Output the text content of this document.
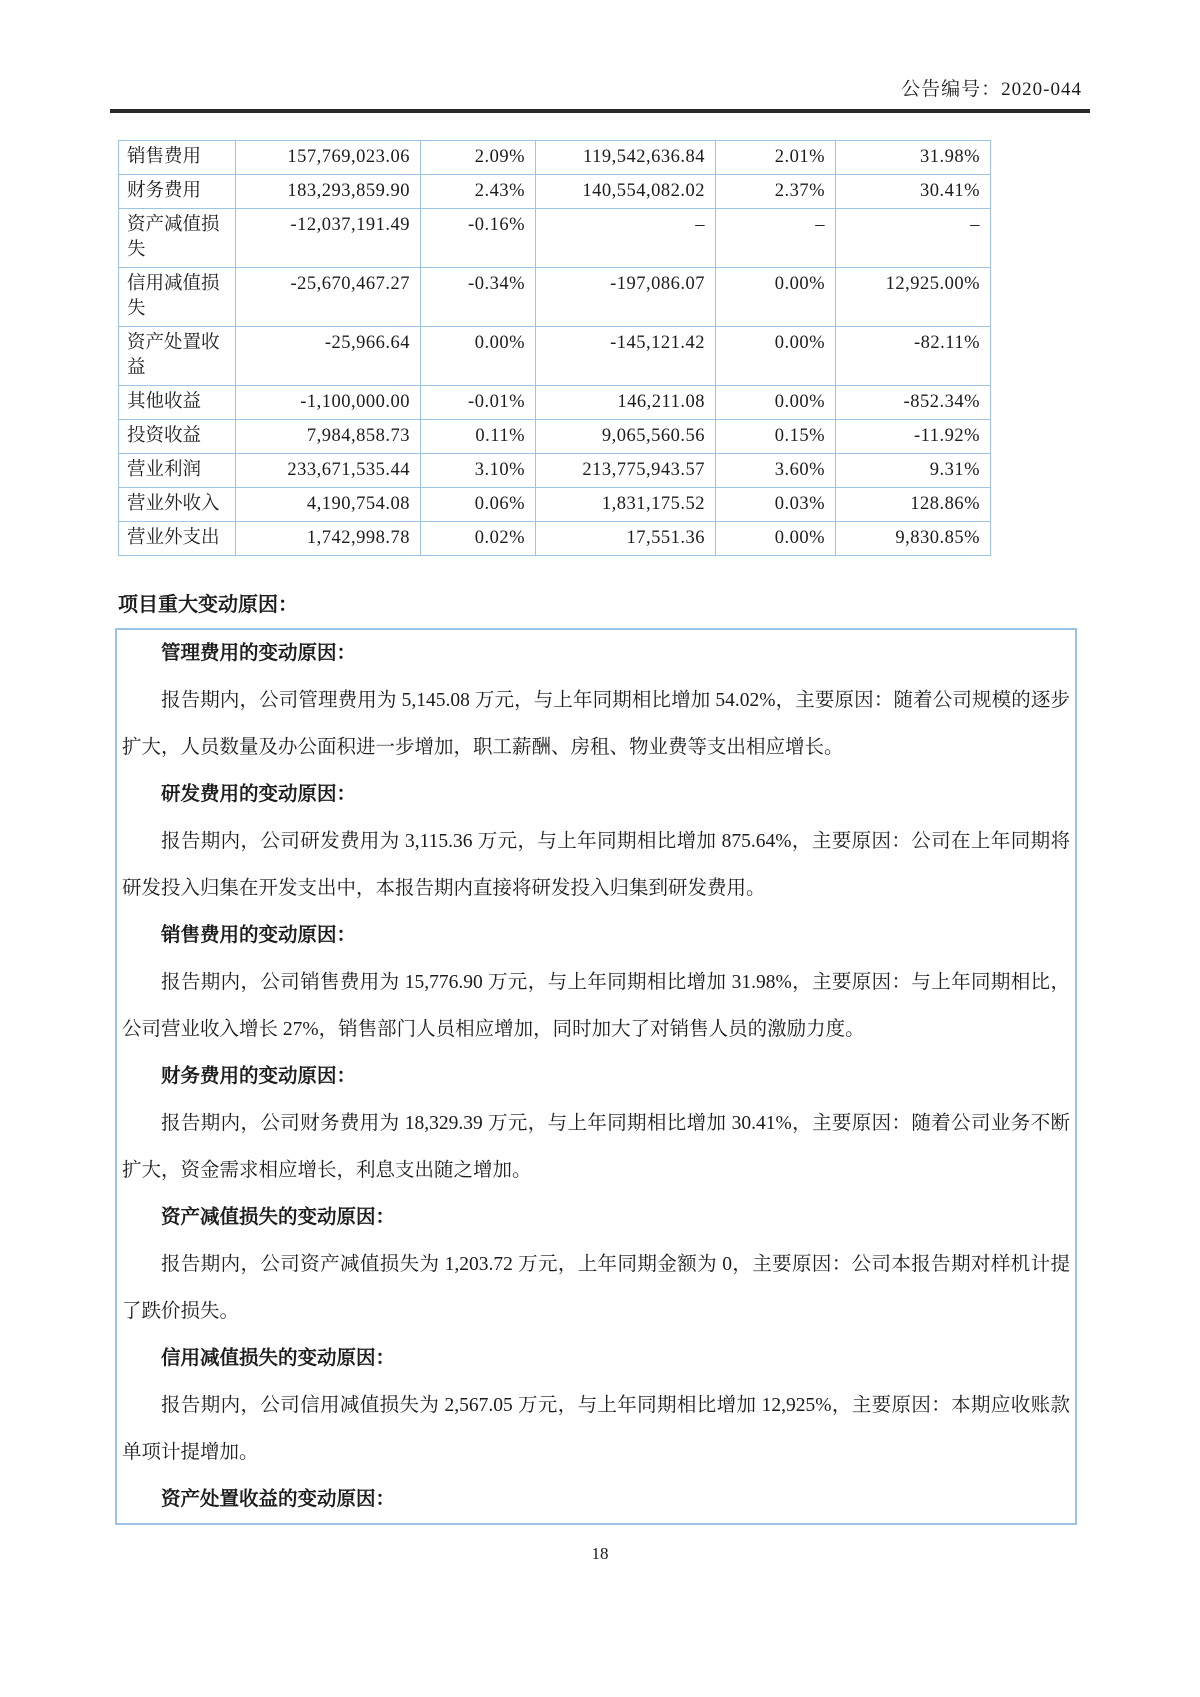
公告编号：2020-044
销售费用	157,769,023.06	2.09%	119,542,636.84	2.01%	31.98%
财务费用	183,293,859.90	2.43%	140,554,082.02	2.37%	30.41%
资产减值损失	-12,037,191.49	-0.16%	–	–	–
信用减值损失	-25,670,467.27	-0.34%	-197,086.07	0.00%	12,925.00%
资产处置收益	-25,966.64	0.00%	-145,121.42	0.00%	-82.11%
其他收益	-1,100,000.00	-0.01%	146,211.08	0.00%	-852.34%
投资收益	7,984,858.73	0.11%	9,065,560.56	0.15%	-11.92%
营业利润	233,671,535.44	3.10%	213,775,943.57	3.60%	9.31%
营业外收入	4,190,754.08	0.06%	1,831,175.52	0.03%	128.86%
营业外支出	1,742,998.78	0.02%	17,551.36	0.00%	9,830.85%
项目重大变动原因：

管理费用的变动原因：

报告期内，公司管理费用为 5,145.08 万元，与上年同期相比增加 54.02%，主要原因：随着公司规模的逐步扩大，人员数量及办公面积进一步增加，职工薪酬、房租、物业费等支出相应增长。

研发费用的变动原因：

报告期内，公司研发费用为 3,115.36 万元，与上年同期相比增加 875.64%，主要原因：公司在上年同期将研发投入归集在开发支出中，本报告期内直接将研发投入归集到研发费用。

销售费用的变动原因：

报告期内，公司销售费用为 15,776.90 万元，与上年同期相比增加 31.98%，主要原因：与上年同期相比，公司营业收入增长 27%，销售部门人员相应增加，同时加大了对销售人员的激励力度。

财务费用的变动原因：

报告期内，公司财务费用为 18,329.39 万元，与上年同期相比增加 30.41%，主要原因：随着公司业务不断扩大，资金需求相应增长，利息支出随之增加。

资产减值损失的变动原因：

报告期内，公司资产减值损失为 1,203.72 万元，上年同期金额为 0，主要原因：公司本报告期对样机计提了跌价损失。

信用减值损失的变动原因：

报告期内，公司信用减值损失为 2,567.05 万元，与上年同期相比增加 12,925%，主要原因：本期应收账款单项计提增加。

资产处置收益的变动原因：

18
